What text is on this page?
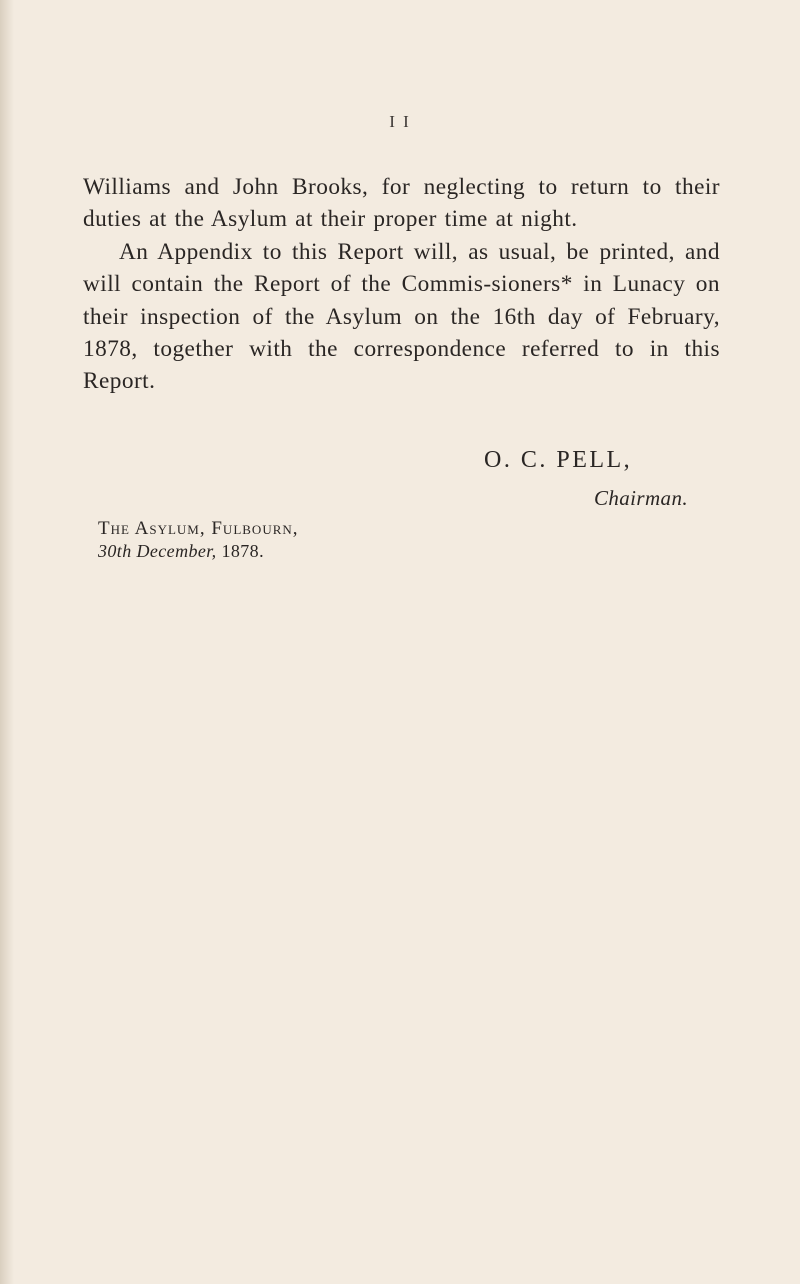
I I

Williams and John Brooks, for neglecting to return to their duties at the Asylum at their proper time at night.

An Appendix to this Report will, as usual, be printed, and will contain the Report of the Commis-sioners* in Lunacy on their inspection of the Asylum on the 16th day of February, 1878, together with the correspondence referred to in this Report.

O. C. PELL,
Chairman.
The Asylum, Fulbourn,
30th December, 1878.
